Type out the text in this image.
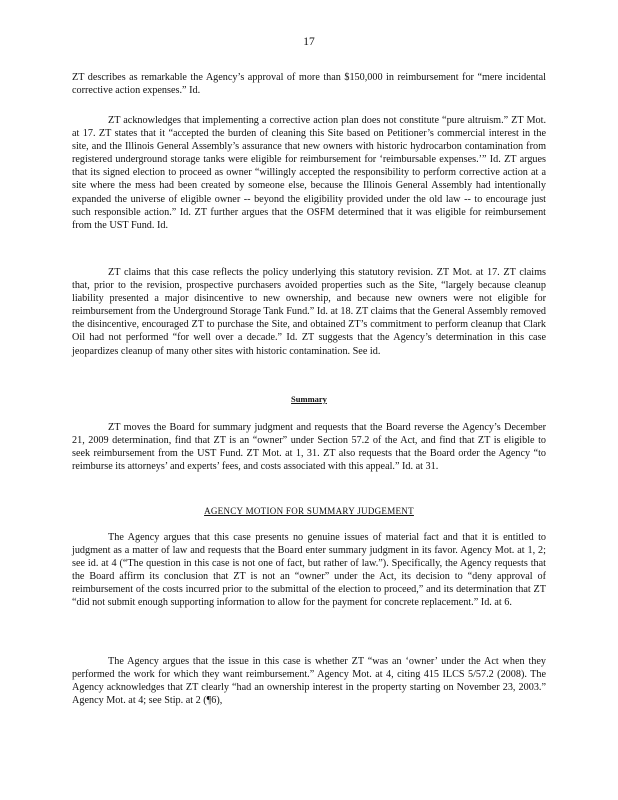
17

ZT describes as remarkable the Agency’s approval of more than $150,000 in reimbursement for “mere incidental corrective action expenses.” Id.

ZT acknowledges that implementing a corrective action plan does not constitute “pure altruism.” ZT Mot. at 17. ZT states that it “accepted the burden of cleaning this Site based on Petitioner’s commercial interest in the site, and the Illinois General Assembly’s assurance that new owners with historic hydrocarbon contamination from registered underground storage tanks were eligible for reimbursement for ‘reimbursable expenses.’” Id. ZT argues that its signed election to proceed as owner “willingly accepted the responsibility to perform corrective action at a site where the mess had been created by someone else, because the Illinois General Assembly had intentionally expanded the universe of eligible owner -- beyond the eligibility provided under the old law -- to encourage just such responsible action.” Id. ZT further argues that the OSFM determined that it was eligible for reimbursement from the UST Fund. Id.

ZT claims that this case reflects the policy underlying this statutory revision. ZT Mot. at 17. ZT claims that, prior to the revision, prospective purchasers avoided properties such as the Site, “largely because cleanup liability presented a major disincentive to new ownership, and because new owners were not eligible for reimbursement from the Underground Storage Tank Fund.” Id. at 18. ZT claims that the General Assembly removed the disincentive, encouraged ZT to purchase the Site, and obtained ZT’s commitment to perform cleanup that Clark Oil had not performed “for well over a decade.” Id. ZT suggests that the Agency’s determination in this case jeopardizes cleanup of many other sites with historic contamination. See id.

Summary

ZT moves the Board for summary judgment and requests that the Board reverse the Agency’s December 21, 2009 determination, find that ZT is an “owner” under Section 57.2 of the Act, and find that ZT is eligible to seek reimbursement from the UST Fund. ZT Mot. at 1, 31. ZT also requests that the Board order the Agency “to reimburse its attorneys’ and experts’ fees, and costs associated with this appeal.” Id. at 31.

AGENCY MOTION FOR SUMMARY JUDGEMENT

The Agency argues that this case presents no genuine issues of material fact and that it is entitled to judgment as a matter of law and requests that the Board enter summary judgment in its favor. Agency Mot. at 1, 2; see id. at 4 (“The question in this case is not one of fact, but rather of law.”). Specifically, the Agency requests that the Board affirm its conclusion that ZT is not an “owner” under the Act, its decision to “deny approval of reimbursement of the costs incurred prior to the submittal of the election to proceed,” and its determination that ZT “did not submit enough supporting information to allow for the payment for concrete replacement.” Id. at 6.

The Agency argues that the issue in this case is whether ZT “was an ‘owner’ under the Act when they performed the work for which they want reimbursement.” Agency Mot. at 4, citing 415 ILCS 5/57.2 (2008). The Agency acknowledges that ZT clearly “had an ownership interest in the property starting on November 23, 2003.” Agency Mot. at 4; see Stip. at 2 (¶6),
